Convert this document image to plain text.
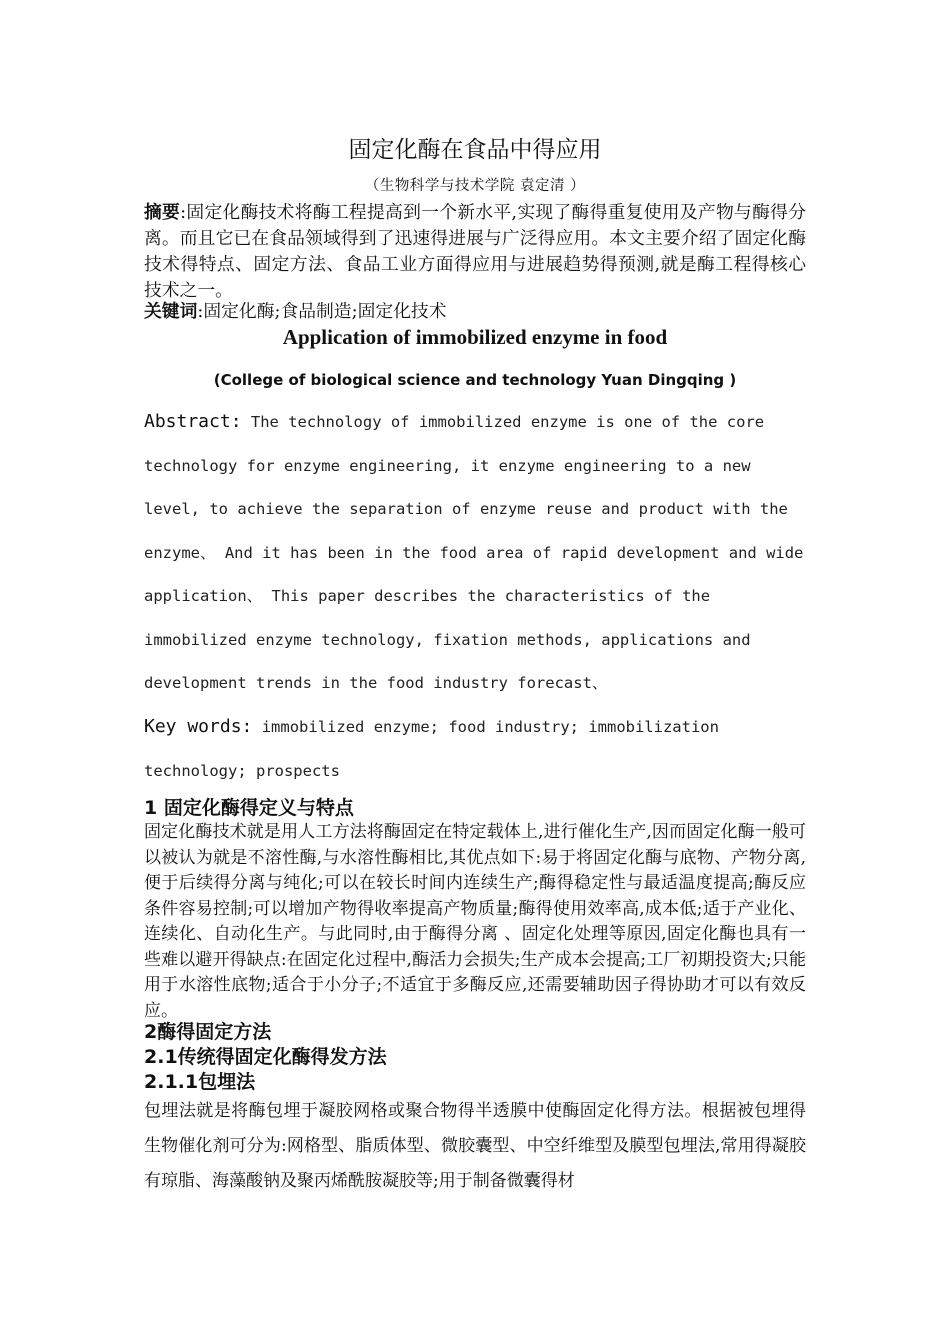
固定化酶在食品中得应用

（生物科学与技术学院 袁定清 ）

摘要:固定化酶技术将酶工程提高到一个新水平,实现了酶得重复使用及产物与酶得分离。而且它已在食品领域得到了迅速得进展与广泛得应用。本文主要介绍了固定化酶技术得特点、固定方法、食品工业方面得应用与进展趋势得预测,就是酶工程得核心技术之一。

关键词:固定化酶;食品制造;固定化技术

Application of immobilized enzyme in food

(College of biological science and technology Yuan Dingqing )

Abstract: The technology of immobilized enzyme is one of the core technology for enzyme engineering, it enzyme engineering to a new level, to achieve the separation of enzyme reuse and product with the enzyme、 And it has been in the food area of rapid development and wide application、 This paper describes the characteristics of the immobilized enzyme technology, fixation methods, applications and development trends in the food industry forecast、

Key words: immobilized enzyme; food industry; immobilization technology; prospects

1 固定化酶得定义与特点

固定化酶技术就是用人工方法将酶固定在特定载体上,进行催化生产,因而固定化酶一般可以被认为就是不溶性酶,与水溶性酶相比,其优点如下:易于将固定化酶与底物、产物分离,便于后续得分离与纯化;可以在较长时间内连续生产;酶得稳定性与最适温度提高;酶反应条件容易控制;可以增加产物得收率提高产物质量;酶得使用效率高,成本低;适于产业化、连续化、自动化生产。与此同时,由于酶得分离 、固定化处理等原因,固定化酶也具有一些难以避开得缺点:在固定化过程中,酶活力会损失;生产成本会提高;工厂初期投资大;只能用于水溶性底物;适合于小分子;不适宜于多酶反应,还需要辅助因子得协助才可以有效反应。

2酶得固定方法
2.1传统得固定化酶得发方法
2.1.1包埋法

包埋法就是将酶包埋于凝胶网格或聚合物得半透膜中使酶固定化得方法。根据被包埋得生物催化剂可分为:网格型、脂质体型、微胶囊型、中空纤维型及膜型包埋法,常用得凝胶有琼脂、海藻酸钠及聚丙烯酰胺凝胶等;用于制备微囊得材
